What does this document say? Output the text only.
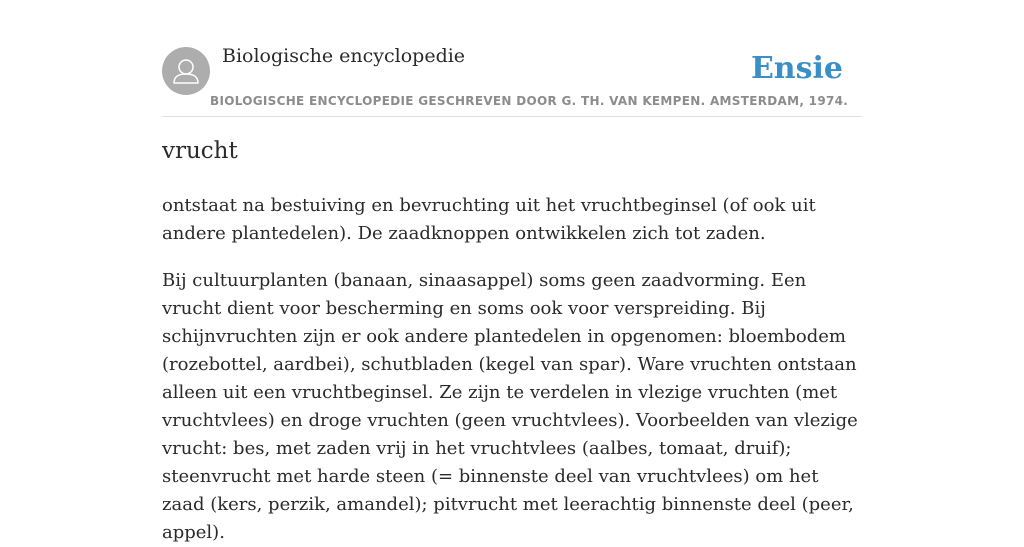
Biologische encyclopedie
BIOLOGISCHE ENCYCLOPEDIE GESCHREVEN DOOR G. TH. VAN KEMPEN. AMSTERDAM, 1974.
Ensie
vrucht

ontstaat na bestuiving en bevruchting uit het vruchtbeginsel (of ook uit andere plantedelen). De zaadknoppen ontwikkelen zich tot zaden.

Bij cultuurplanten (banaan, sinaasappel) soms geen zaadvorming. Een vrucht dient voor bescherming en soms ook voor verspreiding. Bij schijnvruchten zijn er ook andere plantedelen in opgenomen: bloembodem (rozebottel, aardbei), schutbladen (kegel van spar). Ware vruchten ontstaan alleen uit een vruchtbeginsel. Ze zijn te verdelen in vlezige vruchten (met vruchtvlees) en droge vruchten (geen vruchtvlees). Voorbeelden van vlezige vrucht: bes, met zaden vrij in het vruchtvlees (aalbes, tomaat, druif); steenvrucht met harde steen (= binnenste deel van vruchtvlees) om het zaad (kers, perzik, amandel); pitvrucht met leerachtig binnenste deel (peer, appel).
